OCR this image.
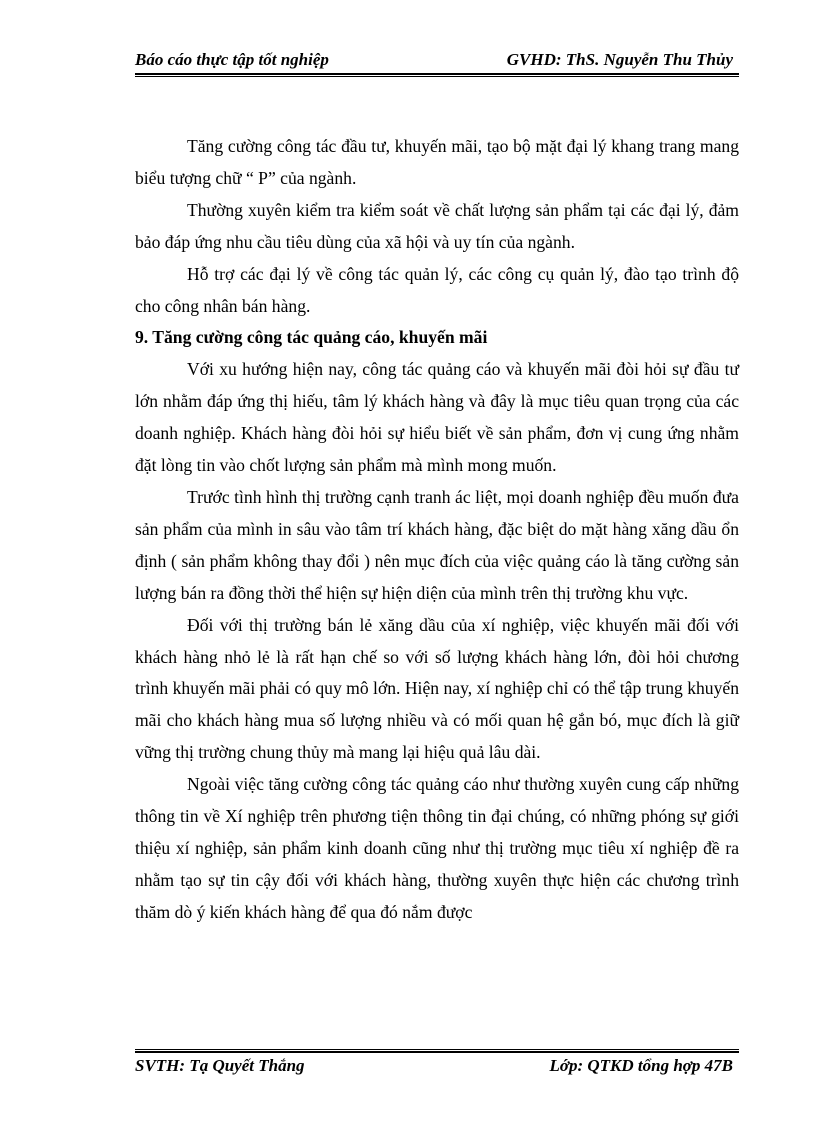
Báo cáo thực tập tốt nghiệp	GVHD: ThS. Nguyễn Thu Thủy

Tăng cường công tác đầu tư, khuyến mãi, tạo bộ mặt đại lý khang trang mang biểu tượng chữ “ P” của ngành.

Thường xuyên kiểm tra kiểm soát về chất lượng sản phẩm tại các đại lý, đảm bảo đáp ứng nhu cầu tiêu dùng của xã hội và uy tín của ngành.

Hỗ trợ các đại lý về công tác quản lý, các công cụ quản lý, đào tạo trình độ cho công nhân bán hàng.

9. Tăng cường công tác quảng cáo, khuyến mãi

Với xu hướng hiện nay, công tác quảng cáo và khuyến mãi đòi hỏi sự đầu tư lớn nhằm đáp ứng thị hiếu, tâm lý khách hàng và đây là mục tiêu quan trọng của các doanh nghiệp. Khách hàng đòi hỏi sự hiểu biết về sản phẩm, đơn vị cung ứng nhằm đặt lòng tin vào chốt lượng sản phẩm mà mình mong muốn.

Trước tình hình thị trường cạnh tranh ác liệt, mọi doanh nghiệp đều muốn đưa sản phẩm của mình in sâu vào tâm trí khách hàng, đặc biệt do mặt hàng xăng dầu ổn định ( sản phẩm không thay đổi ) nên mục đích của việc quảng cáo là tăng cường sản lượng bán ra đồng thời thể hiện sự hiện diện của mình trên thị trường khu vực.

Đối với thị trường bán lẻ xăng dầu của xí nghiệp, việc khuyến mãi đối với khách hàng nhỏ lẻ là rất hạn chế so với số lượng khách hàng lớn, đòi hỏi chương trình khuyến mãi phải có quy mô lớn. Hiện nay, xí nghiệp chỉ có thể tập trung khuyến mãi cho khách hàng mua số lượng nhiều và có mối quan hệ gắn bó, mục đích là giữ vững thị trường chung thủy mà mang lại hiệu quả lâu dài.

Ngoài việc tăng cường công tác quảng cáo như thường xuyên cung cấp những thông tin về Xí nghiệp trên phương tiện thông tin đại chúng, có những phóng sự giới thiệu xí nghiệp, sản phẩm kinh doanh cũng như thị trường mục tiêu xí nghiệp đề ra nhằm tạo sự tin cậy đối với khách hàng, thường xuyên thực hiện các chương trình thăm dò ý kiến khách hàng để qua đó nắm được

SVTH: Tạ Quyết Thắng	Lớp: QTKD tổng hợp 47B
